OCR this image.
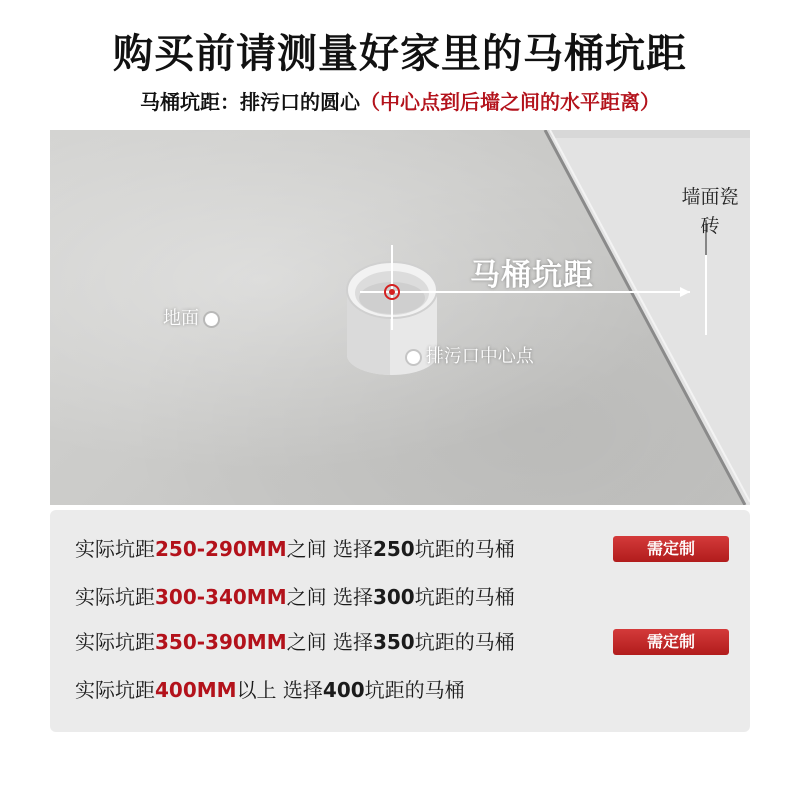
购买前请测量好家里的马桶坑距
马桶坑距：排污口的圆心（中心点到后墙之间的水平距离）
墙面瓷砖
马桶坑距
地面
排污口中心点
实际坑距250-290MM之间 选择250坑距的马桶	需定制
实际坑距300-340MM之间 选择300坑距的马桶
实际坑距350-390MM之间 选择350坑距的马桶	需定制
实际坑距400MM以上 选择400坑距的马桶
